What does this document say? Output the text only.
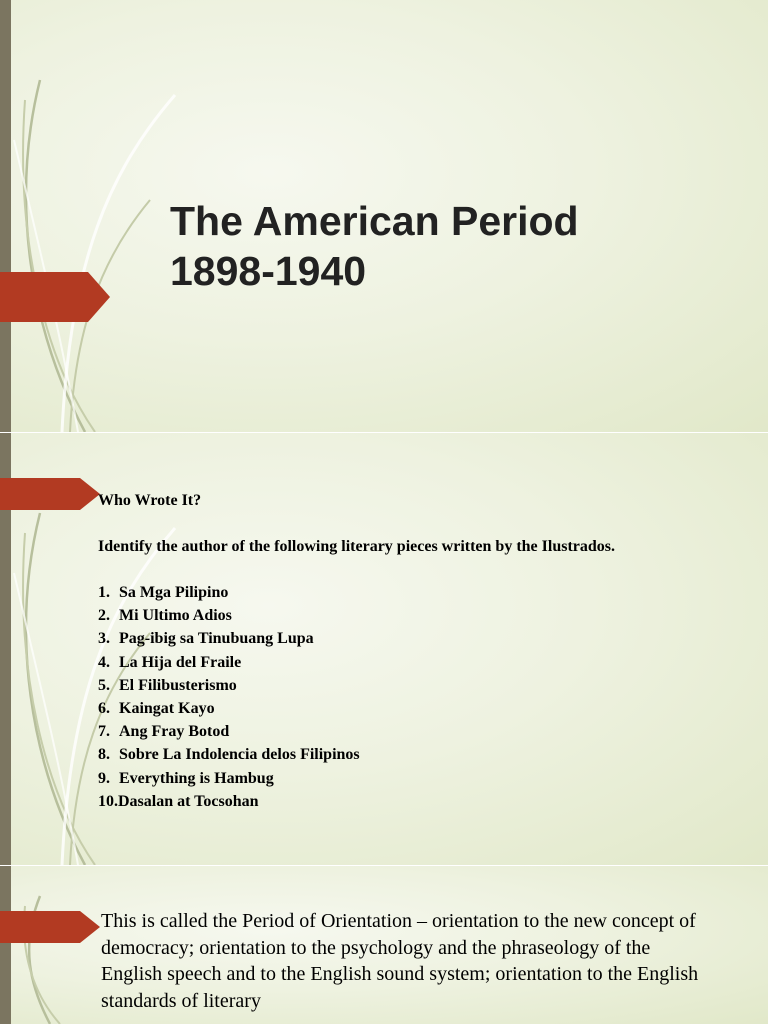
The American Period
1898-1940

Who Wrote It?

Identify the author of the following literary pieces written by the Ilustrados.

1. Sa Mga Pilipino
2. Mi Ultimo Adios
3. Pag-ibig sa Tinubuang Lupa
4. La Hija del Fraile
5. El Filibusterismo
6. Kaingat Kayo
7. Ang Fray Botod
8. Sobre La Indolencia delos Filipinos
9. Everything is Hambug
10. Dasalan at Tocsohan

This is called the Period of Orientation – orientation to the new concept of democracy; orientation to the psychology and the phraseology of the English speech and to the English sound system; orientation to the English standards of literary
